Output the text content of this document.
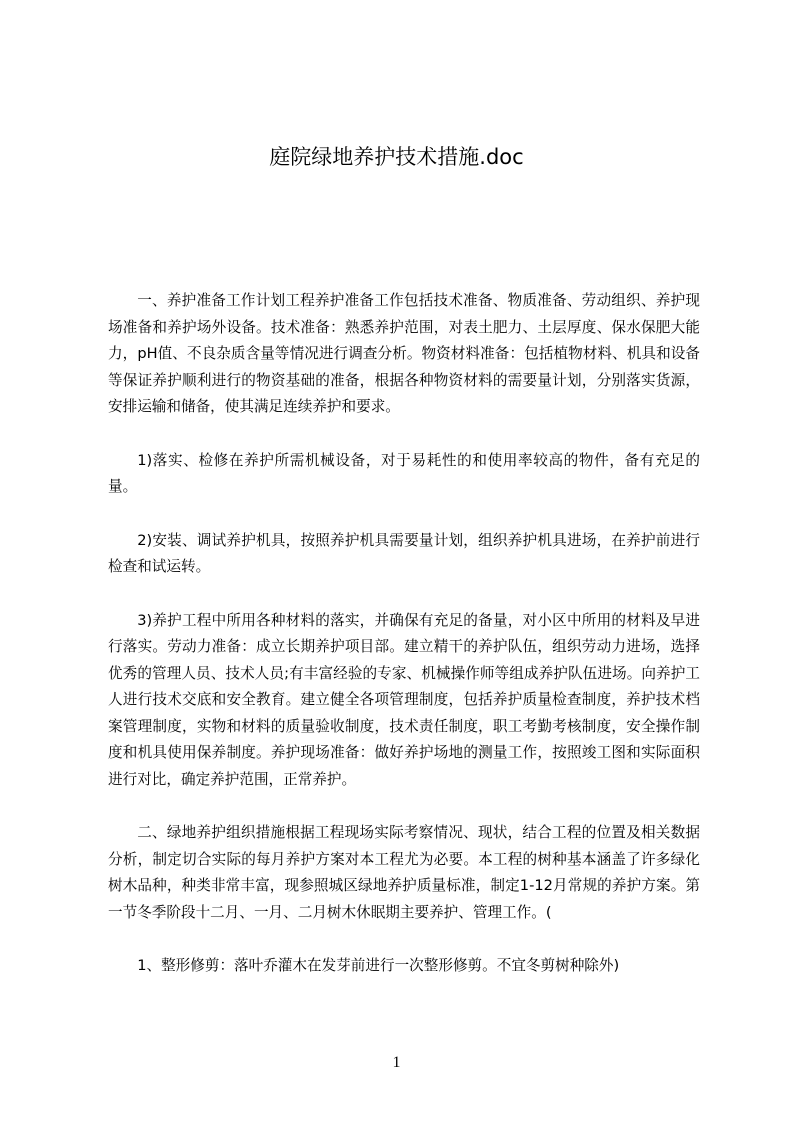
庭院绿地养护技术措施.doc

一、养护准备工作计划工程养护准备工作包括技术准备、物质准备、劳动组织、养护现场准备和养护场外设备。技术准备：熟悉养护范围，对表土肥力、土层厚度、保水保肥大能力，pH值、不良杂质含量等情况进行调查分析。物资材料准备：包括植物材料、机具和设备等保证养护顺利进行的物资基础的准备，根据各种物资材料的需要量计划，分别落实货源，安排运输和储备，使其满足连续养护和要求。

1)落实、检修在养护所需机械设备，对于易耗性的和使用率较高的物件，备有充足的量。

2)安装、调试养护机具，按照养护机具需要量计划，组织养护机具进场，在养护前进行检查和试运转。

3)养护工程中所用各种材料的落实，并确保有充足的备量，对小区中所用的材料及早进行落实。劳动力准备：成立长期养护项目部。建立精干的养护队伍，组织劳动力进场，选择优秀的管理人员、技术人员;有丰富经验的专家、机械操作师等组成养护队伍进场。向养护工人进行技术交底和安全教育。建立健全各项管理制度，包括养护质量检查制度，养护技术档案管理制度，实物和材料的质量验收制度，技术责任制度，职工考勤考核制度，安全操作制度和机具使用保养制度。养护现场准备：做好养护场地的测量工作，按照竣工图和实际面积进行对比，确定养护范围，正常养护。

二、绿地养护组织措施根据工程现场实际考察情况、现状，结合工程的位置及相关数据分析，制定切合实际的每月养护方案对本工程尤为必要。本工程的树种基本涵盖了许多绿化树木品种，种类非常丰富，现参照城区绿地养护质量标准，制定1-12月常规的养护方案。第一节冬季阶段十二月、一月、二月树木休眠期主要养护、管理工作。(

1、整形修剪：落叶乔灌木在发芽前进行一次整形修剪。不宜冬剪树种除外)

1
